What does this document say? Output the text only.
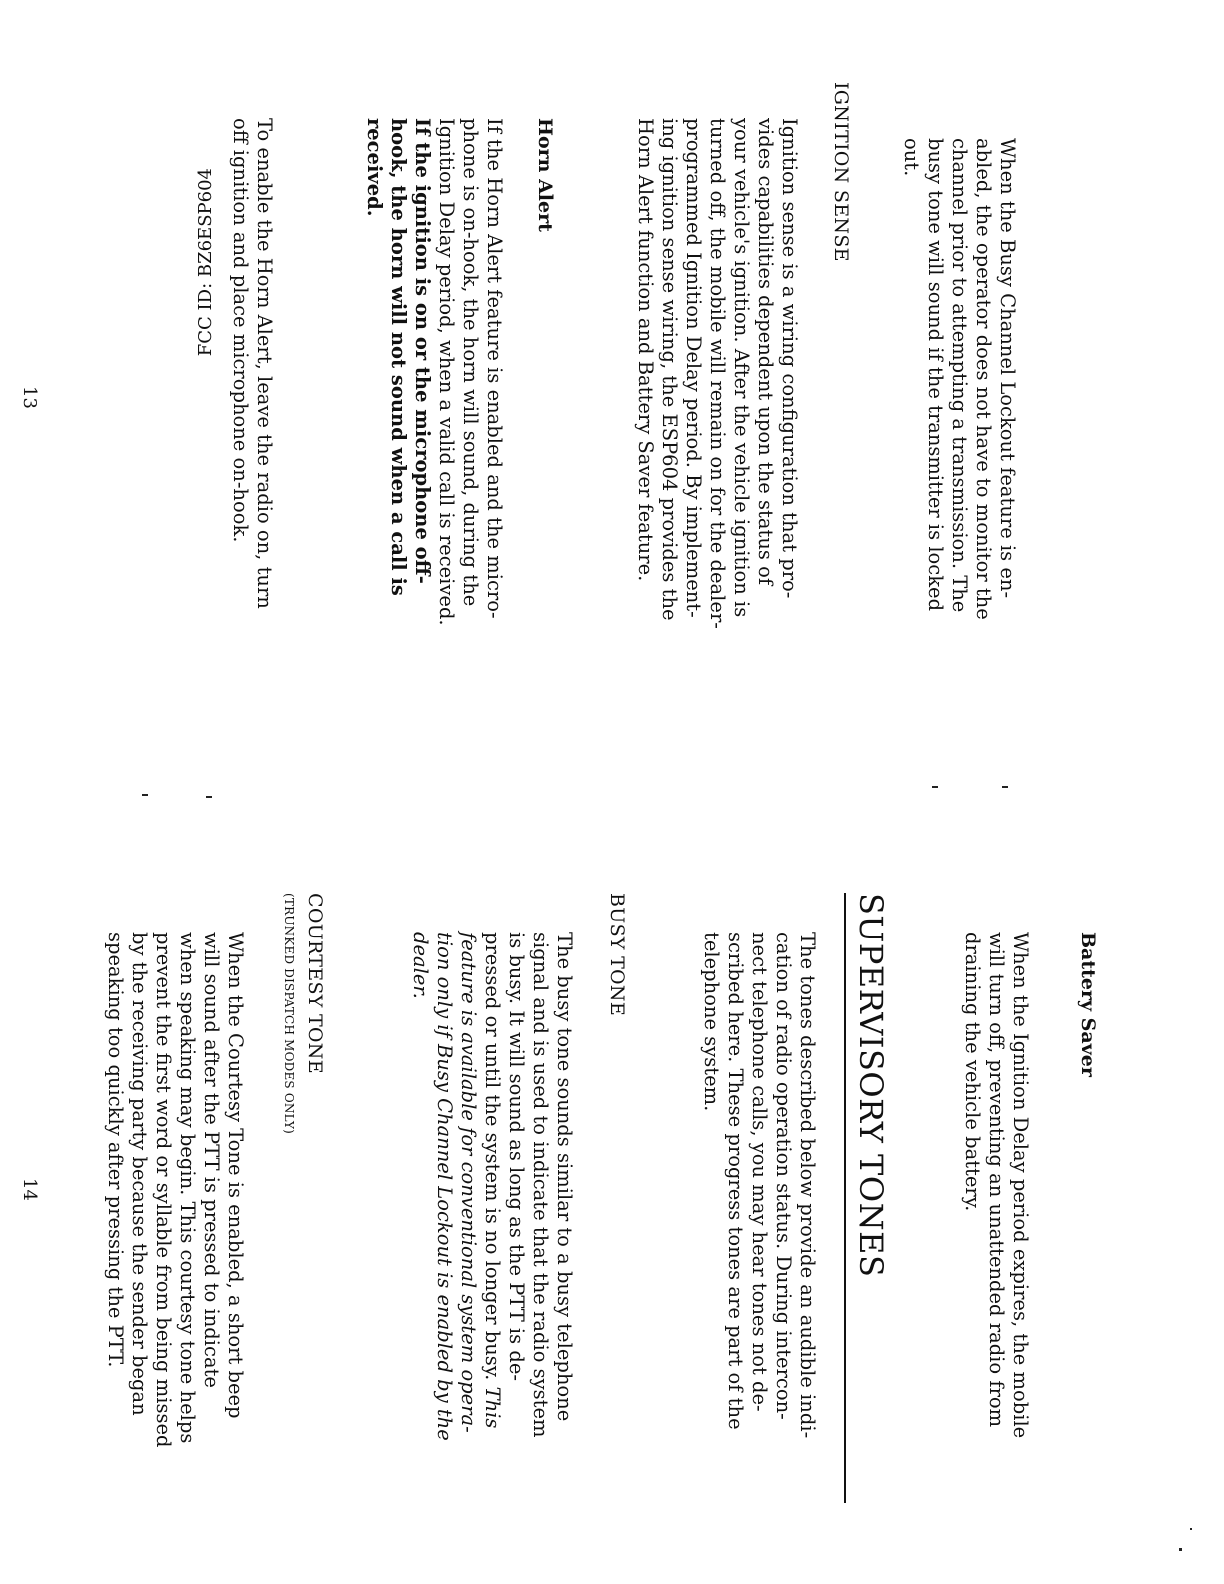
When the Busy Channel Lockout feature is en-
abled, the operator does not have to monitor the
channel prior to attempting a transmission. The
busy tone will sound if the transmitter is locked
out.
IGNITION SENSE
Ignition sense is a wiring configuration that pro-
vides capabilities dependent upon the status of
your vehicle's ignition. After the vehicle ignition is
turned off, the mobile will remain on for the dealer-
programmed Ignition Delay period. By implement-
ing ignition sense wiring, the ESP604 provides the
Horn Alert function and Battery Saver feature.
Horn Alert
If the Horn Alert feature is enabled and the micro-
phone is on-hook, the horn will sound, during the
Ignition Delay period, when a valid call is received.
If the ignition is on or the microphone off-
hook, the horn will not sound when a call is
received.
To enable the Horn Alert, leave the radio on, turn
off ignition and place microphone on-hook.
FCC ID: BZ6ESP604
13
Battery Saver
When the Ignition Delay period expires, the mobile
will turn off, preventing an unattended radio from
draining the vehicle battery.
SUPERVISORY TONES
The tones described below provide an audible indi-
cation of radio operation status. During intercon-
nect telephone calls, you may hear tones not de-
scribed here. These progress tones are part of the
telephone system.
BUSY TONE
The busy tone sounds similar to a busy telephone
signal and is used to indicate that the radio system
is busy. It will sound as long as the PTT is de-
pressed or until the system is no longer busy. This
feature is available for conventional system opera-
tion only if Busy Channel Lockout is enabled by the
dealer.
COURTESY TONE
(TRUNKED DISPATCH MODES ONLY)
When the Courtesy Tone is enabled, a short beep
will sound after the PTT is pressed to indicate
when speaking may begin. This courtesy tone helps
prevent the first word or syllable from being missed
by the receiving party because the sender began
speaking too quickly after pressing the PTT.
14
